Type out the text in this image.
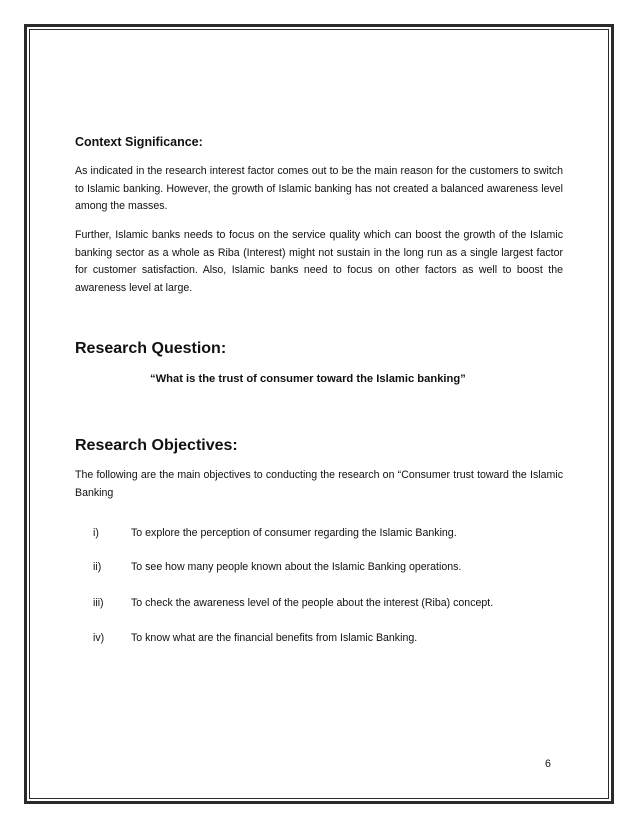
Context Significance:

As indicated in the research interest factor comes out to be the main reason for the customers to switch to Islamic banking. However, the growth of Islamic banking has not created a balanced awareness level among the masses.

Further, Islamic banks needs to focus on the service quality which can boost the growth of the Islamic banking sector as a whole as Riba (Interest) might not sustain in the long run as a single largest factor for customer satisfaction. Also, Islamic banks need to focus on other factors as well to boost the awareness level at large.

Research Question:

“What is the trust of consumer toward the Islamic banking”

Research Objectives:

The following are the main objectives to conducting the research on “Consumer trust toward the Islamic Banking

i)	To explore the perception of consumer regarding the Islamic Banking.
ii)	To see how many people known about the Islamic Banking operations.
iii)	To check the awareness level of the people about the interest (Riba) concept.
iv)	To know what are the financial benefits from Islamic Banking.
6
